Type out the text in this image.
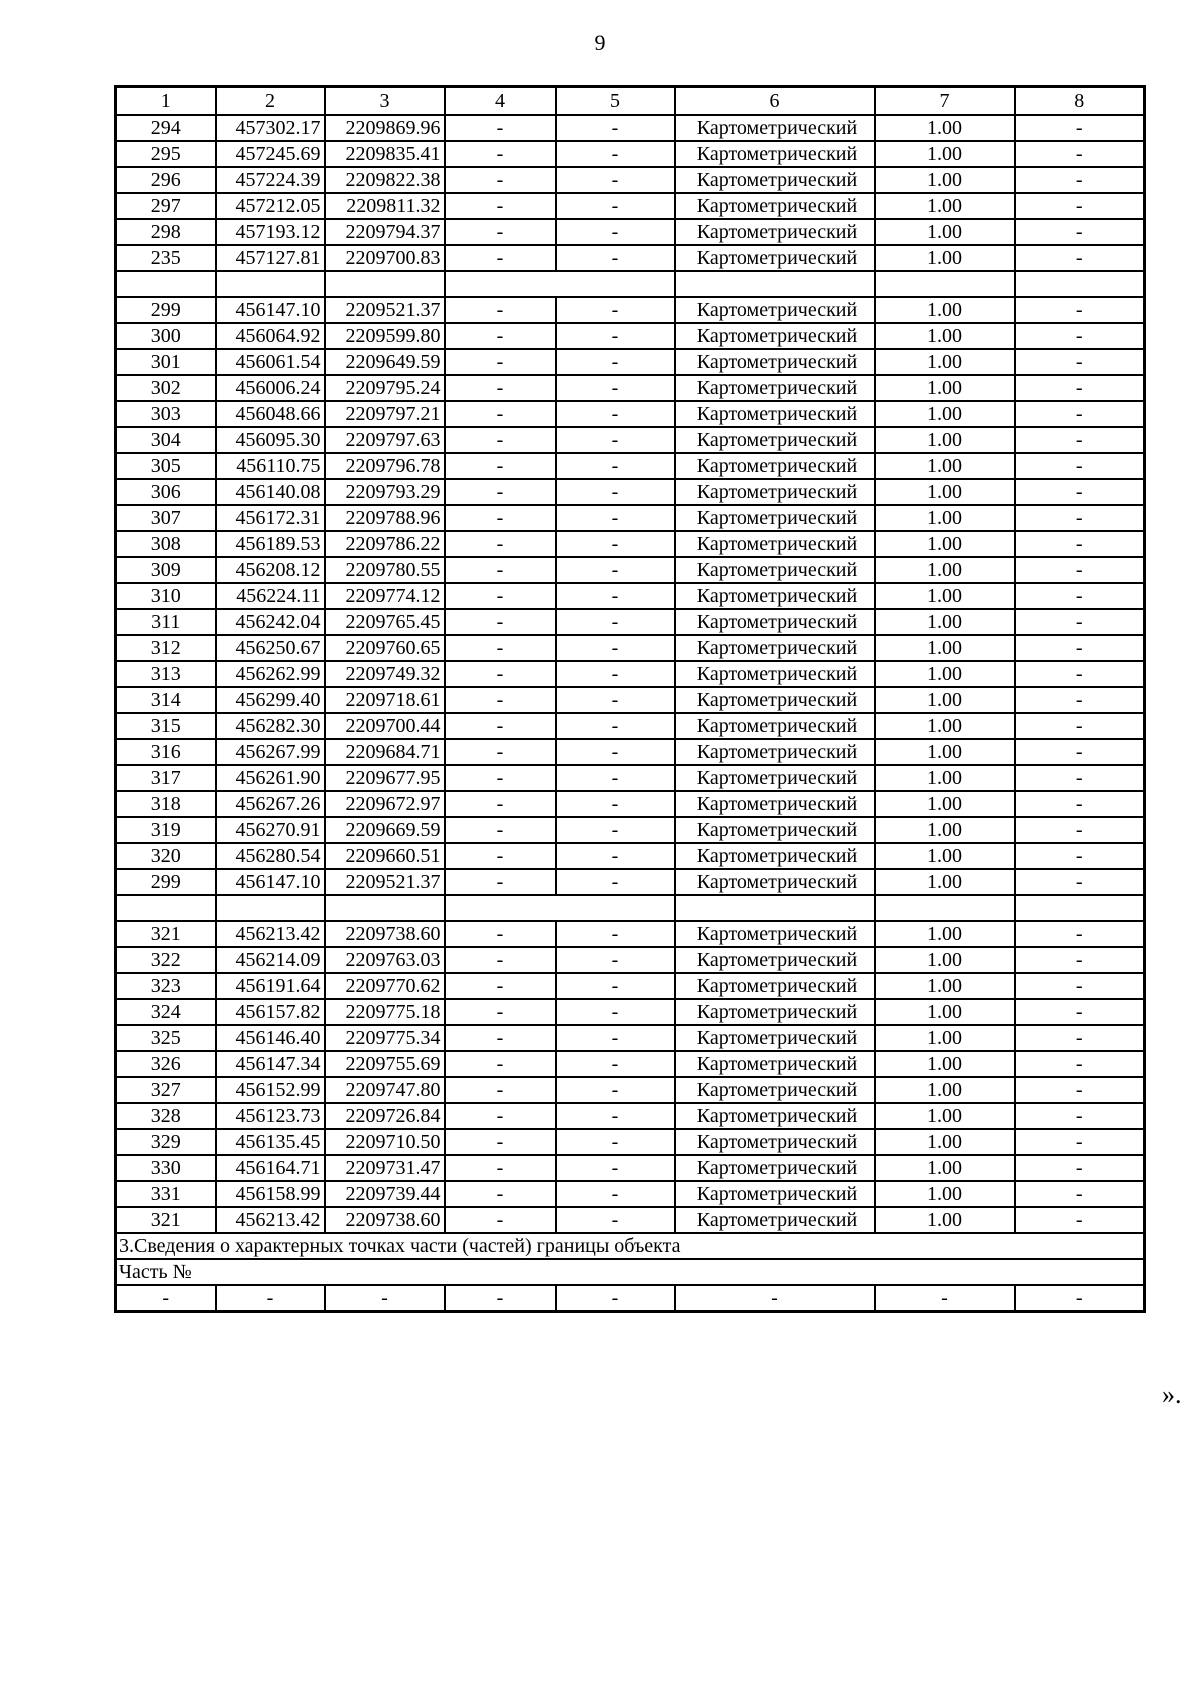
9
1	2	3	4	5	6	7	8
294	457302.17	2209869.96	-	-	Картометрический	1.00	-
295	457245.69	2209835.41	-	-	Картометрический	1.00	-
296	457224.39	2209822.38	-	-	Картометрический	1.00	-
297	457212.05	2209811.32	-	-	Картометрический	1.00	-
298	457193.12	2209794.37	-	-	Картометрический	1.00	-
235	457127.81	2209700.83	-	-	Картометрический	1.00	-

299	456147.10	2209521.37	-	-	Картометрический	1.00	-
300	456064.92	2209599.80	-	-	Картометрический	1.00	-
301	456061.54	2209649.59	-	-	Картометрический	1.00	-
302	456006.24	2209795.24	-	-	Картометрический	1.00	-
303	456048.66	2209797.21	-	-	Картометрический	1.00	-
304	456095.30	2209797.63	-	-	Картометрический	1.00	-
305	456110.75	2209796.78	-	-	Картометрический	1.00	-
306	456140.08	2209793.29	-	-	Картометрический	1.00	-
307	456172.31	2209788.96	-	-	Картометрический	1.00	-
308	456189.53	2209786.22	-	-	Картометрический	1.00	-
309	456208.12	2209780.55	-	-	Картометрический	1.00	-
310	456224.11	2209774.12	-	-	Картометрический	1.00	-
311	456242.04	2209765.45	-	-	Картометрический	1.00	-
312	456250.67	2209760.65	-	-	Картометрический	1.00	-
313	456262.99	2209749.32	-	-	Картометрический	1.00	-
314	456299.40	2209718.61	-	-	Картометрический	1.00	-
315	456282.30	2209700.44	-	-	Картометрический	1.00	-
316	456267.99	2209684.71	-	-	Картометрический	1.00	-
317	456261.90	2209677.95	-	-	Картометрический	1.00	-
318	456267.26	2209672.97	-	-	Картометрический	1.00	-
319	456270.91	2209669.59	-	-	Картометрический	1.00	-
320	456280.54	2209660.51	-	-	Картометрический	1.00	-
299	456147.10	2209521.37	-	-	Картометрический	1.00	-

321	456213.42	2209738.60	-	-	Картометрический	1.00	-
322	456214.09	2209763.03	-	-	Картометрический	1.00	-
323	456191.64	2209770.62	-	-	Картометрический	1.00	-
324	456157.82	2209775.18	-	-	Картометрический	1.00	-
325	456146.40	2209775.34	-	-	Картометрический	1.00	-
326	456147.34	2209755.69	-	-	Картометрический	1.00	-
327	456152.99	2209747.80	-	-	Картометрический	1.00	-
328	456123.73	2209726.84	-	-	Картометрический	1.00	-
329	456135.45	2209710.50	-	-	Картометрический	1.00	-
330	456164.71	2209731.47	-	-	Картометрический	1.00	-
331	456158.99	2209739.44	-	-	Картометрический	1.00	-
321	456213.42	2209738.60	-	-	Картометрический	1.00	-
3.Сведения о характерных точках части (частей) границы объекта							
Часть №							
-	-	-	-	-	-	-	-
».
